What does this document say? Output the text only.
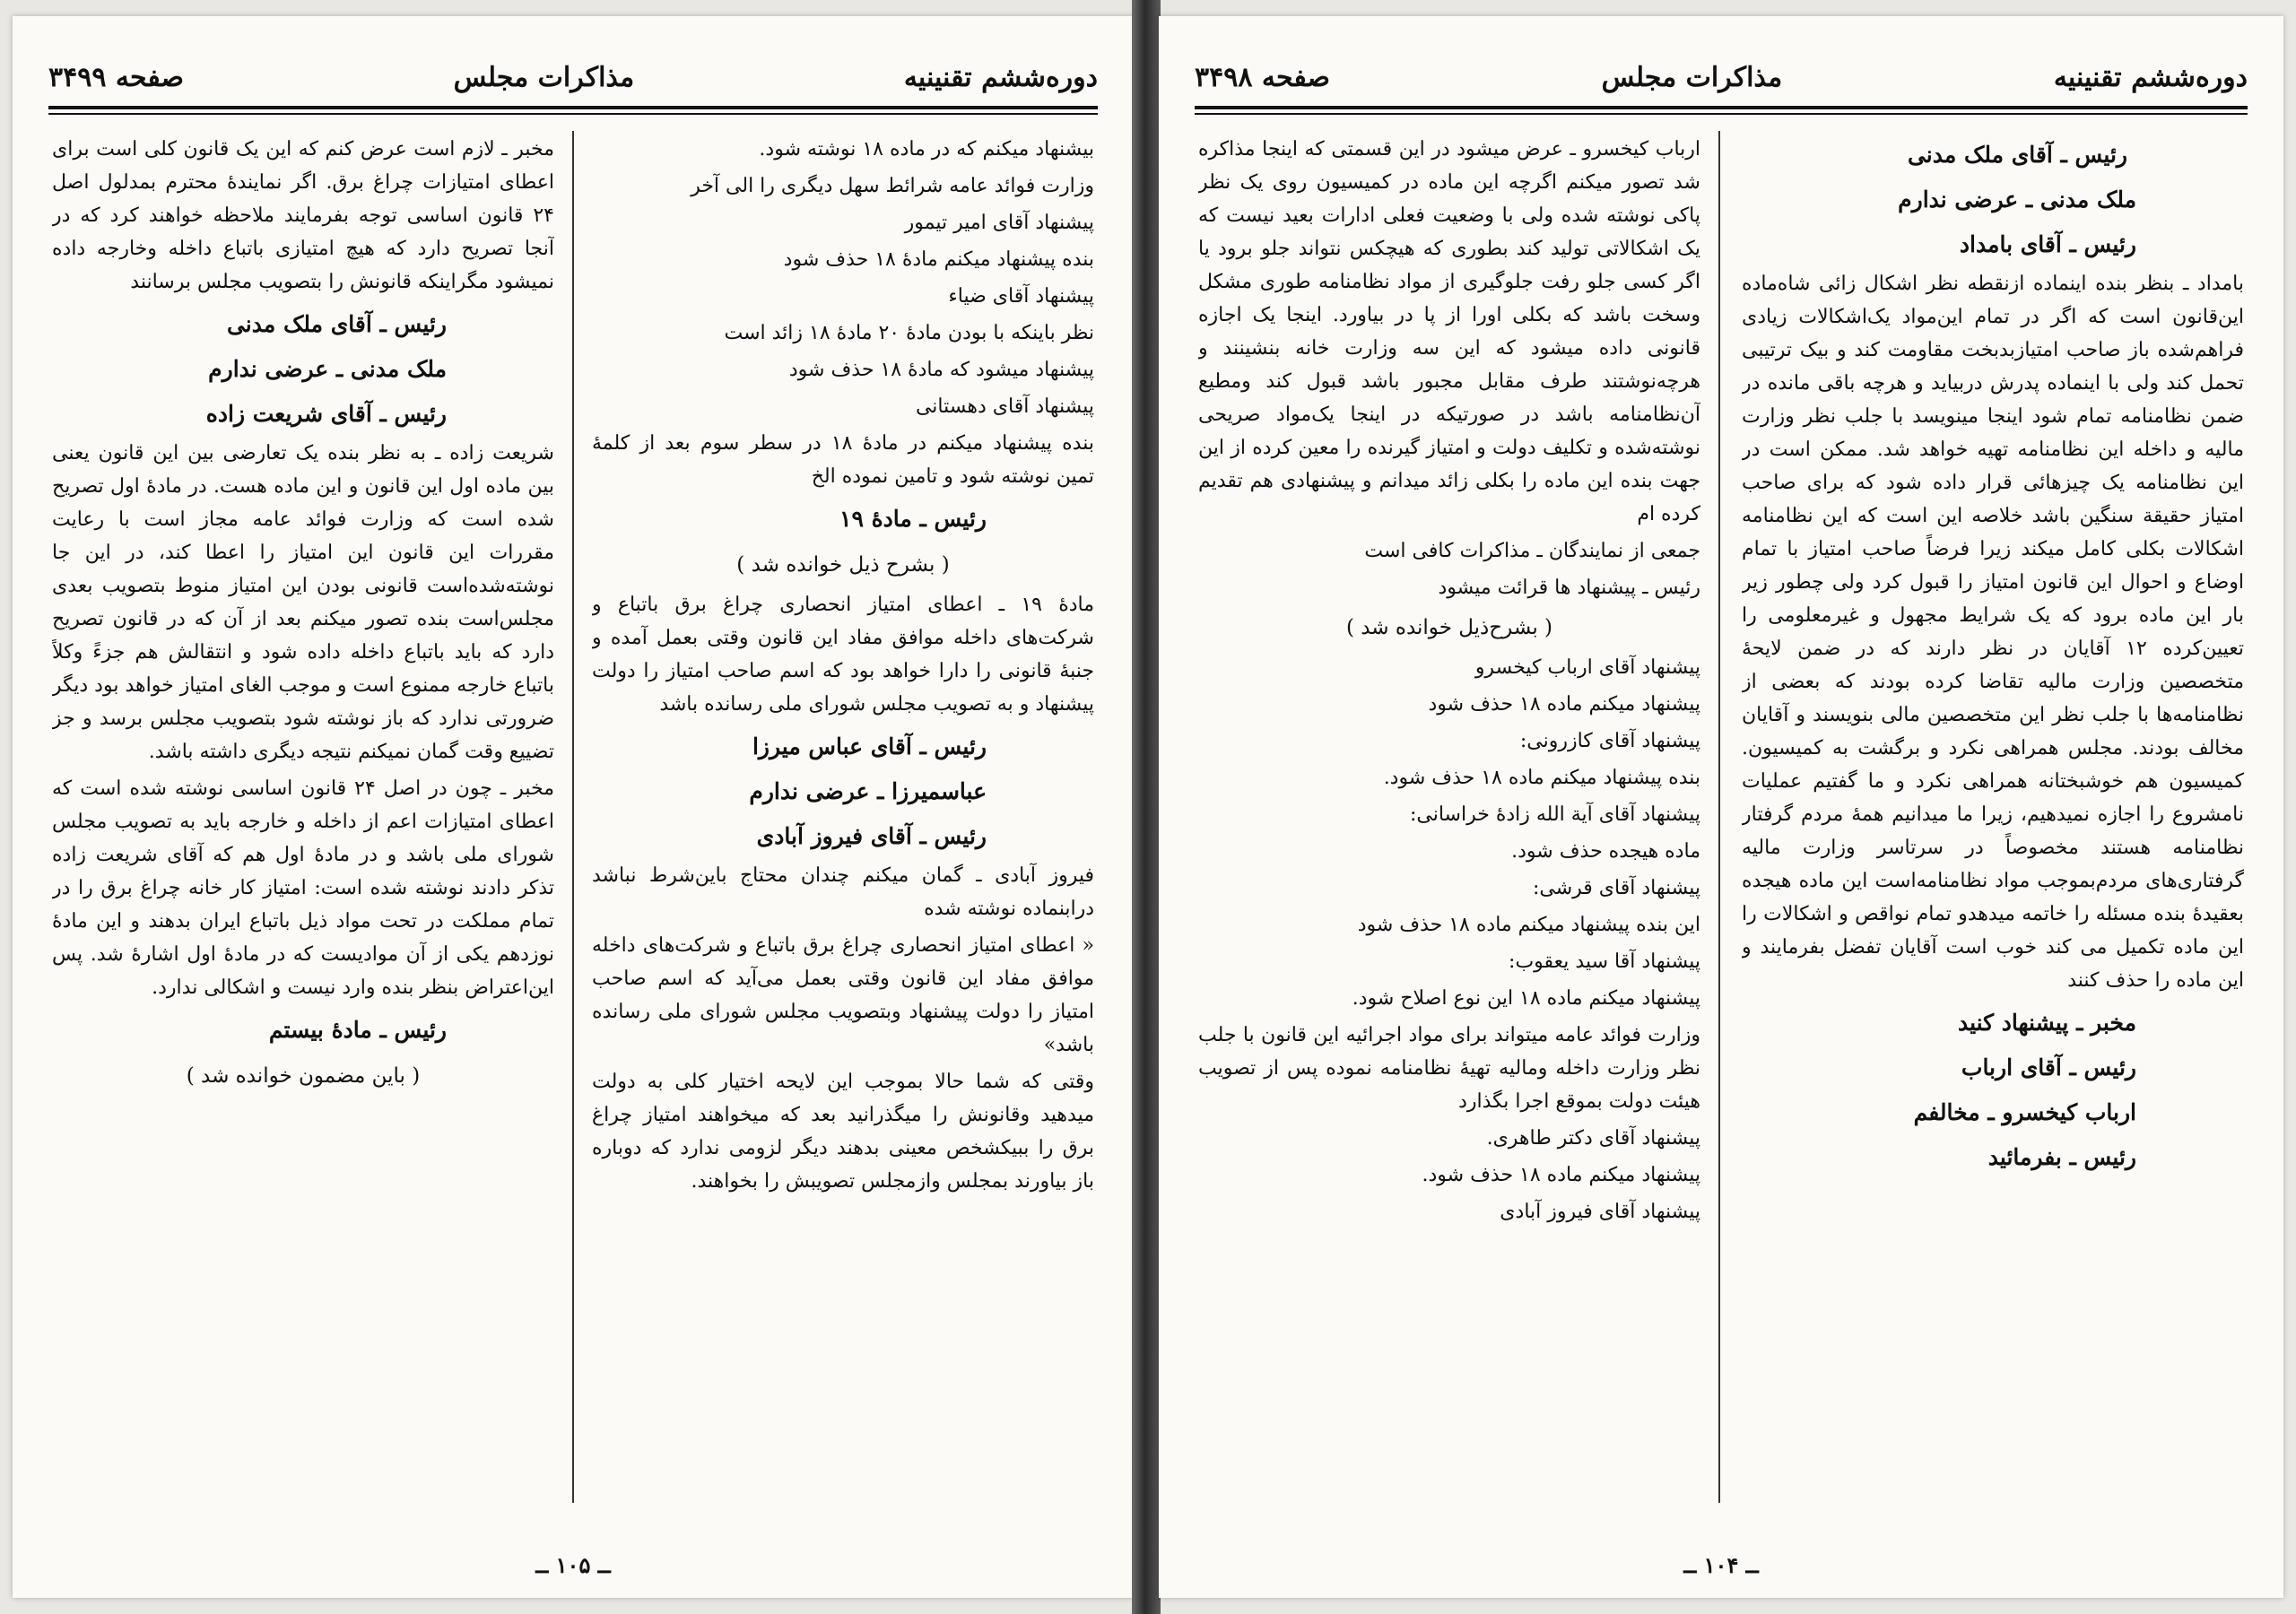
دوره‌ششم تقنینیه
مذاکرات مجلس
صفحه ۳۴۹۹

بیشنهاد میکنم که در ماده ۱۸ نوشته شود.

وزارت فوائد عامه شرائط سهل دیگری را الی آخر

پیشنهاد آقای امیر تیمور

بنده پیشنهاد میکنم مادهٔ ۱۸ حذف شود

پیشنهاد آقای ضیاء

نظر باینکه با بودن مادهٔ ۲۰ مادهٔ ۱۸ زائد است

پیشنهاد میشود که مادهٔ ۱۸ حذف شود

پیشنهاد آقای دهستانی

بنده پیشنهاد میکنم در مادهٔ ۱۸ در سطر سوم بعد از کلمهٔ تمین نوشته شود و تامین نموده الخ

رئیس ـ مادهٔ ۱۹

( بشرح ذیل خوانده شد )

مادهٔ ۱۹ ـ اعطای امتیاز انحصاری چراغ برق باتباع و شرکت‌های داخله موافق مفاد این قانون وقتی بعمل آمده و جنبهٔ قانونی را دارا خواهد بود که اسم صاحب امتیاز را دولت پیشنهاد و به تصویب مجلس شورای ملی رسانده باشد

رئیس ـ آقای عباس میرزا

عباسمیرزا ـ عرضی ندارم

رئیس ـ آقای فیروز آبادی

فیروز آبادی ـ گمان میکنم چندان محتاج باین‌شرط نباشد درابنماده نوشته شده

« اعطای امتیاز انحصاری چراغ برق باتباع و شرکت‌های داخله موافق مفاد این قانون وقتی بعمل می‌آید که اسم صاحب امتیاز را دولت پیشنهاد وبتصویب مجلس شورای ملی رسانده باشد»

وقتی که شما حالا بموجب این لایحه اختیار کلی به دولت میدهید وقانونش را میگذرانید بعد که میخواهند امتیاز چراغ برق را ببیکشخص معینی بدهند دیگر لزومی ندارد که دوباره باز بیاورند بمجلس وازمجلس تصویبش را بخواهند.

مخبر ـ لازم است عرض کنم که این یک قانون کلی است برای اعطای امتیازات چراغ برق. اگر نمایندهٔ محترم بمدلول اصل ۲۴ قانون اساسی توجه بفرمایند ملاحظه خواهند کرد که در آنجا تصریح دارد که هیچ امتیازی باتباع داخله وخارجه داده نمیشود مگراینکه قانونش را بتصویب مجلس برسانند

رئیس ـ آقای ملک مدنی

ملک مدنی ـ عرضی ندارم

رئیس ـ آقای شریعت زاده

شریعت زاده ـ به نظر بنده یک تعارضی بین این قانون یعنی بین ماده اول این قانون و این ماده هست. در مادهٔ اول تصریح شده است که وزارت فوائد عامه مجاز است با رعایت مقررات این قانون این امتیاز را اعطا کند، در این جا نوشته‌شده‌است قانونی بودن این امتیاز منوط بتصویب بعدی مجلس‌است بنده تصور میکنم بعد از آن که در قانون تصریح دارد که باید باتباع داخله داده شود و انتقالش هم جزءً وکلاً باتباع خارجه ممنوع است و موجب الغای امتیاز خواهد بود دیگر ضرورتی ندارد که باز نوشته شود بتصویب مجلس برسد و جز تضییع وقت گمان نمیکنم نتیجه دیگری داشته باشد.

مخبر ـ چون در اصل ۲۴ قانون اساسی نوشته شده است که اعطای امتیازات اعم از داخله و خارجه باید به تصویب مجلس شورای ملی باشد و در مادهٔ اول هم که آقای شریعت زاده تذکر دادند نوشته شده است: امتیاز کار خانه چراغ برق را در تمام مملکت در تحت مواد ذیل باتباع ایران بدهند و این مادهٔ نوزدهم یکی از آن موادیست که در مادهٔ اول اشارهٔ شد. پس این‌اعتراض بنظر بنده وارد نیست و اشکالی ندارد.

رئیس ـ مادهٔ بیستم

( باین مضمون خوانده شد )

ــ ۱۰۵ ــ
دوره‌ششم تقنینیه
مذاکرات مجلس
صفحه ۳۴۹۸

رئیس ـ آقای ملک مدنی

ملک مدنی ـ عرضی ندارم

رئیس ـ آقای بامداد

بامداد ـ بنظر بنده اینماده ازنقطه نظر اشکال زائی شاه‌ماده این‌قانون است که اگر در تمام این‌مواد یک‌اشکالات زیادی فراهم‌شده باز صاحب امتیازبدبخت مقاومت کند و بیک ترتیبی تحمل کند ولی با اینماده پدرش دربیاید و هرچه باقی مانده در ضمن نظامنامه تمام شود اینجا مینویسد با جلب نظر وزارت مالیه و داخله این نظامنامه تهیه خواهد شد. ممکن است در این نظامنامه یک چیزهائی قرار داده شود که برای صاحب امتیاز حقیقة سنگین باشد خلاصه این است که این نظامنامه اشکالات بکلی کامل میکند زیرا فرضاً صاحب امتیاز با تمام اوضاع و احوال این قانون امتیاز را قبول کرد ولی چطور زیر بار این ماده برود که یک شرایط مجهول و غیرمعلومی را تعیین‌کرده ۱۲ آقایان در نظر دارند که در ضمن لایحهٔ متخصصین وزارت مالیه تقاضا کرده بودند که بعضی از نظامنامه‌ها با جلب نظر این متخصصین مالی بنویسند و آقایان مخالف بودند. مجلس همراهی نکرد و برگشت به کمیسیون. کمیسیون هم خوشبختانه همراهی نکرد و ما گفتیم عملیات نامشروع را اجازه نمیدهیم، زیرا ما میدانیم همهٔ مردم گرفتار نظامنامه هستند مخصوصاً در سرتاسر وزارت مالیه گرفتاری‌های مردم‌بموجب مواد نظامنامه‌است این ماده هیجده بعقیدهٔ بنده مسئله را خاتمه میدهدو تمام نواقص و اشکالات را این ماده تکمیل می کند خوب است آقایان تفضل بفرمایند و این ماده را حذف کنند

مخبر ـ پیشنهاد کنید

رئیس ـ آقای ارباب

ارباب کیخسرو ـ مخالفم

رئیس ـ بفرمائید

ارباب کیخسرو ـ عرض میشود در این قسمتی که اینجا مذاکره شد تصور میکنم اگرچه این ماده در کمیسیون روی یک نظر پاکی نوشته شده ولی با وضعیت فعلی ادارات بعید نیست که یک اشکالاتی تولید کند بطوری که هیچکس نتواند جلو برود یا اگر کسی جلو رفت جلوگیری از مواد نظامنامه طوری مشکل وسخت باشد که بکلی اورا از پا در بیاورد. اینجا یک اجازه قانونی داده میشود که این سه وزارت خانه بنشینند و هرچه‌نوشتند طرف مقابل مجبور باشد قبول کند ومطیع آن‌نظامنامه باشد در صورتیکه در اینجا یک‌مواد صریحی نوشته‌شده و تکلیف دولت و امتیاز گیرنده را معین کرده از این جهت بنده این ماده را بکلی زائد میدانم و پیشنهادی هم تقدیم کرده ام

جمعی از نمایندگان ـ مذاکرات کافی است

رئیس ـ پیشنهاد ها قرائت میشود

( بشرح‌ذیل خوانده شد )

پیشنهاد آقای ارباب کیخسرو

پیشنهاد میکنم ماده ۱۸ حذف شود

پیشنهاد آقای کازرونی:

بنده پیشنهاد میکنم ماده ۱۸ حذف شود.

پیشنهاد آقای آیة الله زادهٔ خراسانی:

ماده هیجده حذف شود.

پیشنهاد آقای قرشی:

این بنده پیشنهاد میکنم ماده ۱۸ حذف شود

پیشنهاد آقا سید یعقوب:

پیشنهاد میکنم ماده ۱۸ این نوع اصلاح شود.

وزارت فوائد عامه میتواند برای مواد اجرائیه این قانون با جلب نظر وزارت داخله ومالیه تهیهٔ نظامنامه نموده پس از تصویب هیئت دولت بموقع اجرا بگذارد

پیشنهاد آقای دکتر طاهری.

پیشنهاد میکنم ماده ۱۸ حذف شود.

پیشنهاد آقای فیروز آبادی

ــ ۱۰۴ ــ
